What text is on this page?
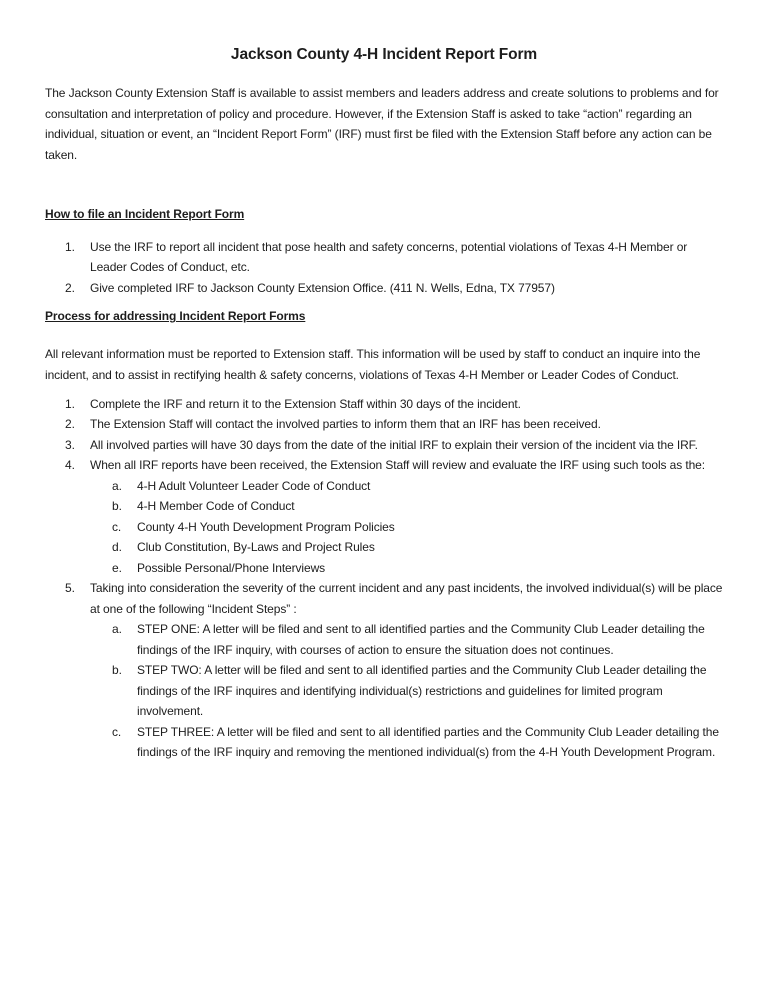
Jackson County 4-H Incident Report Form

The Jackson County Extension Staff is available to assist members and leaders address and create solutions to problems and for consultation and interpretation of policy and procedure. However, if the Extension Staff is asked to take “action” regarding an individual, situation or event, an “Incident Report Form” (IRF) must first be filed with the Extension Staff before any action can be taken.

How to file an Incident Report Form
Use the IRF to report all incident that pose health and safety concerns, potential violations of Texas 4-H Member or Leader Codes of Conduct, etc.
Give completed IRF to Jackson County Extension Office. (411 N. Wells, Edna, TX 77957)
Process for addressing Incident Report Forms

All relevant information must be reported to Extension staff. This information will be used by staff to conduct an inquire into the incident, and to assist in rectifying health & safety concerns, violations of Texas 4-H Member or Leader Codes of Conduct.

Complete the IRF and return it to the Extension Staff within 30 days of the incident.
The Extension Staff will contact the involved parties to inform them that an IRF has been received.
All involved parties will have 30 days from the date of the initial IRF to explain their version of the incident via the IRF.
When all IRF reports have been received, the Extension Staff will review and evaluate the IRF using such tools as the:
4-H Adult Volunteer Leader Code of Conduct
4-H Member Code of Conduct
County 4-H Youth Development Program Policies
Club Constitution, By-Laws and Project Rules
Possible Personal/Phone Interviews
Taking into consideration the severity of the current incident and any past incidents, the involved individual(s) will be place at one of the following “Incident Steps” :
STEP ONE: A letter will be filed and sent to all identified parties and the Community Club Leader detailing the findings of the IRF inquiry, with courses of action to ensure the situation does not continues.
STEP TWO: A letter will be filed and sent to all identified parties and the Community Club Leader detailing the findings of the IRF inquires and identifying individual(s) restrictions and guidelines for limited program involvement.
STEP THREE: A letter will be filed and sent to all identified parties and the Community Club Leader detailing the findings of the IRF inquiry and removing the mentioned individual(s) from the 4-H Youth Development Program.
